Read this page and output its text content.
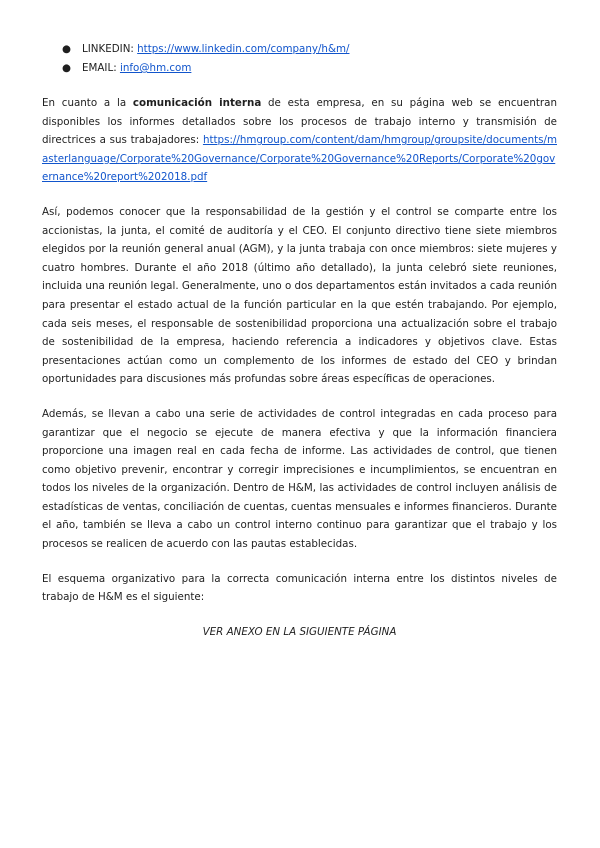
● LINKEDIN: https://www.linkedin.com/company/h&m/
● EMAIL: info@hm.com

En cuanto a la comunicación interna de esta empresa, en su página web se encuentran disponibles los informes detallados sobre los procesos de trabajo interno y transmisión de directrices a sus trabajadores: https://hmgroup.com/content/dam/hmgroup/groupsite/documents/masterlanguage/Corporate%20Governance/Corporate%20Governance%20Reports/Corporate%20governance%20report%202018.pdf

Así, podemos conocer que la responsabilidad de la gestión y el control se comparte entre los accionistas, la junta, el comité de auditoría y el CEO. El conjunto directivo tiene siete miembros elegidos por la reunión general anual (AGM), y la junta trabaja con once miembros: siete mujeres y cuatro hombres. Durante el año 2018 (último año detallado), la junta celebró siete reuniones, incluida una reunión legal. Generalmente, uno o dos departamentos están invitados a cada reunión para presentar el estado actual de la función particular en la que estén trabajando. Por ejemplo, cada seis meses, el responsable de sostenibilidad proporciona una actualización sobre el trabajo de sostenibilidad de la empresa, haciendo referencia a indicadores y objetivos clave. Estas presentaciones actúan como un complemento de los informes de estado del CEO y brindan oportunidades para discusiones más profundas sobre áreas específicas de operaciones.

Además, se llevan a cabo una serie de actividades de control integradas en cada proceso para garantizar que el negocio se ejecute de manera efectiva y que la información financiera proporcione una imagen real en cada fecha de informe. Las actividades de control, que tienen como objetivo prevenir, encontrar y corregir imprecisiones e incumplimientos, se encuentran en todos los niveles de la organización. Dentro de H&M, las actividades de control incluyen análisis de estadísticas de ventas, conciliación de cuentas, cuentas mensuales e informes financieros. Durante el año, también se lleva a cabo un control interno continuo para garantizar que el trabajo y los procesos se realicen de acuerdo con las pautas establecidas.

El esquema organizativo para la correcta comunicación interna entre los distintos niveles de trabajo de H&M es el siguiente:

VER ANEXO EN LA SIGUIENTE PÁGINA
